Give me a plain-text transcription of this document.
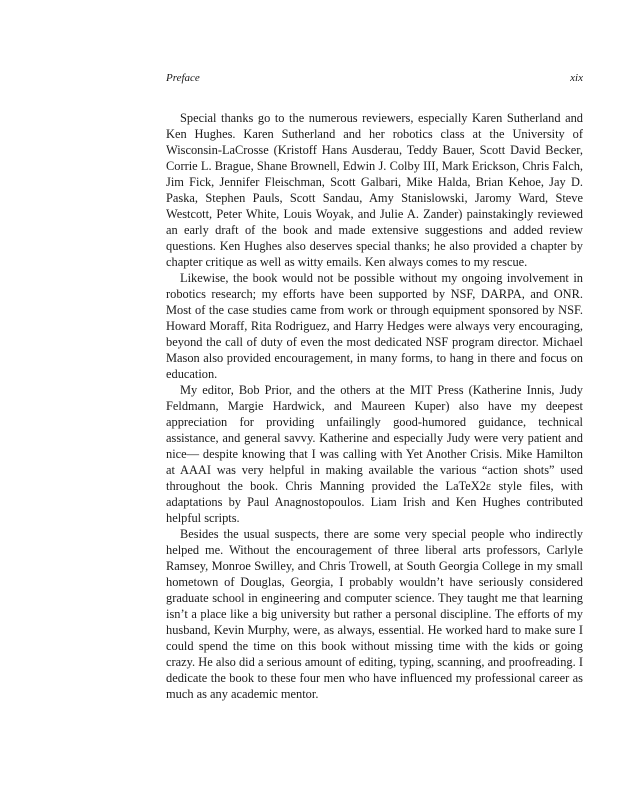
Preface	xix

Special thanks go to the numerous reviewers, especially Karen Sutherland and Ken Hughes. Karen Sutherland and her robotics class at the University of Wisconsin-LaCrosse (Kristoff Hans Ausderau, Teddy Bauer, Scott David Becker, Corrie L. Brague, Shane Brownell, Edwin J. Colby III, Mark Erickson, Chris Falch, Jim Fick, Jennifer Fleischman, Scott Galbari, Mike Halda, Brian Kehoe, Jay D. Paska, Stephen Pauls, Scott Sandau, Amy Stanislowski, Jaromy Ward, Steve Westcott, Peter White, Louis Woyak, and Julie A. Zander) painstakingly reviewed an early draft of the book and made extensive suggestions and added review questions. Ken Hughes also deserves special thanks; he also provided a chapter by chapter critique as well as witty emails. Ken always comes to my rescue.

Likewise, the book would not be possible without my ongoing involvement in robotics research; my efforts have been supported by NSF, DARPA, and ONR. Most of the case studies came from work or through equipment sponsored by NSF. Howard Moraff, Rita Rodriguez, and Harry Hedges were always very encouraging, beyond the call of duty of even the most dedicated NSF program director. Michael Mason also provided encouragement, in many forms, to hang in there and focus on education.

My editor, Bob Prior, and the others at the MIT Press (Katherine Innis, Judy Feldmann, Margie Hardwick, and Maureen Kuper) also have my deepest appreciation for providing unfailingly good-humored guidance, technical assistance, and general savvy. Katherine and especially Judy were very patient and nice— despite knowing that I was calling with Yet Another Crisis. Mike Hamilton at AAAI was very helpful in making available the various “action shots” used throughout the book. Chris Manning provided the LaTeX2ε style files, with adaptations by Paul Anagnostopoulos. Liam Irish and Ken Hughes contributed helpful scripts.

Besides the usual suspects, there are some very special people who indirectly helped me. Without the encouragement of three liberal arts professors, Carlyle Ramsey, Monroe Swilley, and Chris Trowell, at South Georgia College in my small hometown of Douglas, Georgia, I probably wouldn’t have seriously considered graduate school in engineering and computer science. They taught me that learning isn’t a place like a big university but rather a personal discipline. The efforts of my husband, Kevin Murphy, were, as always, essential. He worked hard to make sure I could spend the time on this book without missing time with the kids or going crazy. He also did a serious amount of editing, typing, scanning, and proofreading. I dedicate the book to these four men who have influenced my professional career as much as any academic mentor.
